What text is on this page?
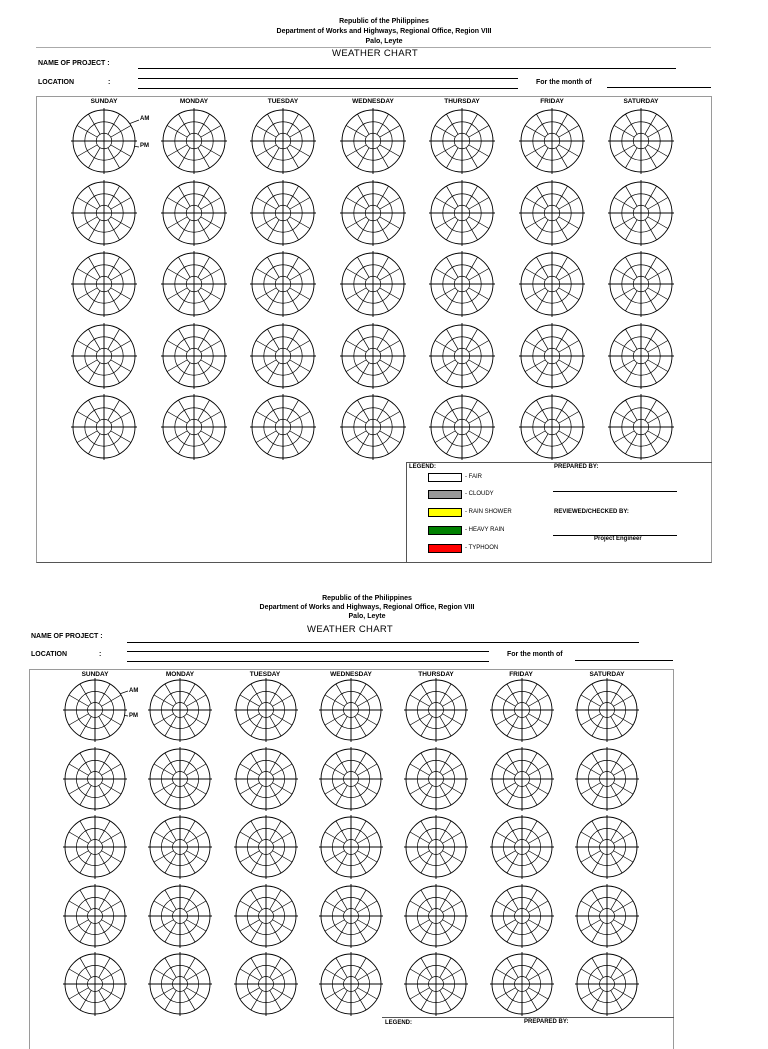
Republic of the Philippines
Department of Works and Highways, Regional Office, Region VIII
Palo, Leyte
WEATHER CHART
NAME OF PROJECT :
LOCATION	:	For the month of
SUNDAY	MONDAY	TUESDAY	WEDNESDAY	THURSDAY	FRIDAY	SATURDAY
AM
PM
LEGEND:
- FAIR
- CLOUDY
- RAIN SHOWER
- HEAVY RAIN
- TYPHOON
PREPARED BY:
REVIEWED/CHECKED BY:
Project Engineer
Republic of the Philippines
Department of Works and Highways, Regional Office, Region VIII
Palo, Leyte
WEATHER CHART
NAME OF PROJECT :
LOCATION	:	For the month of
SUNDAY	MONDAY	TUESDAY	WEDNESDAY	THURSDAY	FRIDAY	SATURDAY
AM
PM
LEGEND:	PREPARED BY:
